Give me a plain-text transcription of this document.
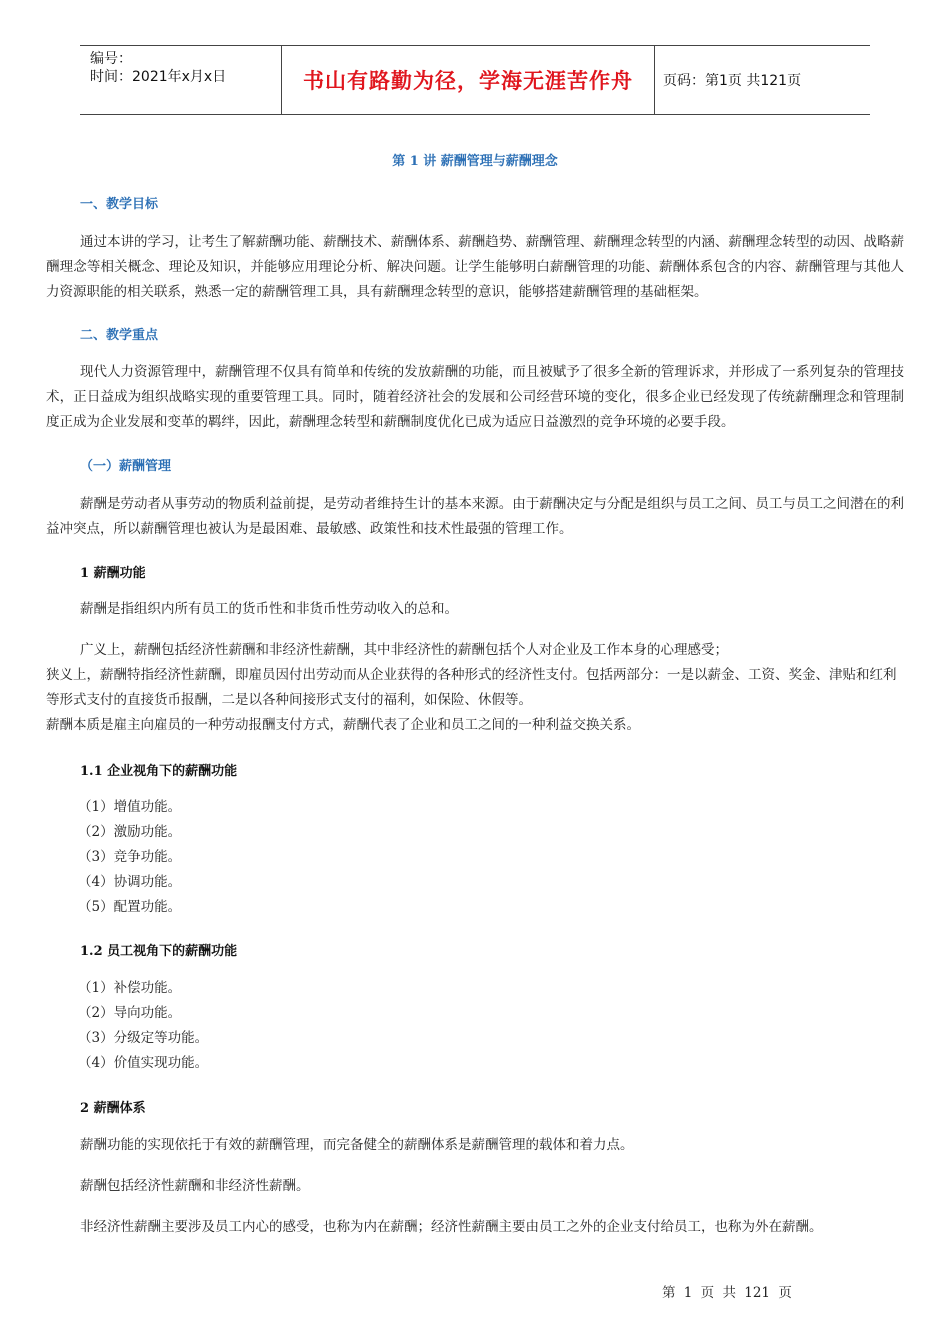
编号：
时间：2021年x月x日	书山有路勤为径，学海无涯苦作舟 页码：第1页 共121页
第 1 讲 薪酬管理与薪酬理念
一、教学目标
通过本讲的学习，让考生了解薪酬功能、薪酬技术、薪酬体系、薪酬趋势、薪酬管理、薪酬理念转型的内涵、薪酬理念转型的动因、战略薪酬理念等相关概念、理论及知识，并能够应用理论分析、解决问题。让学生能够明白薪酬管理的功能、薪酬体系包含的内容、薪酬管理与其他人力资源职能的相关联系，熟悉一定的薪酬管理工具，具有薪酬理念转型的意识，能够搭建薪酬管理的基础框架。
二、教学重点
现代人力资源管理中，薪酬管理不仅具有简单和传统的发放薪酬的功能，而且被赋予了很多全新的管理诉求，并形成了一系列复杂的管理技术，正日益成为组织战略实现的重要管理工具。同时，随着经济社会的发展和公司经营环境的变化，很多企业已经发现了传统薪酬理念和管理制度正成为企业发展和变革的羁绊，因此，薪酬理念转型和薪酬制度优化已成为适应日益激烈的竞争环境的必要手段。
（一）薪酬管理
薪酬是劳动者从事劳动的物质利益前提，是劳动者维持生计的基本来源。由于薪酬决定与分配是组织与员工之间、员工与员工之间潜在的利益冲突点，所以薪酬管理也被认为是最困难、最敏感、政策性和技术性最强的管理工作。
1 薪酬功能
薪酬是指组织内所有员工的货币性和非货币性劳动收入的总和。
广义上，薪酬包括经济性薪酬和非经济性薪酬，其中非经济性的薪酬包括个人对企业及工作本身的心理感受；
狭义上，薪酬特指经济性薪酬，即雇员因付出劳动而从企业获得的各种形式的经济性支付。包括两部分：一是以薪金、工资、奖金、津贴和红利等形式支付的直接货币报酬，二是以各种间接形式支付的福利，如保险、休假等。
薪酬本质是雇主向雇员的一种劳动报酬支付方式，薪酬代表了企业和员工之间的一种利益交换关系。
1.1 企业视角下的薪酬功能
（1）增值功能。
（2）激励功能。
（3）竞争功能。
（4）协调功能。
（5）配置功能。
1.2 员工视角下的薪酬功能
（1）补偿功能。
（2）导向功能。
（3）分级定等功能。
（4）价值实现功能。
2 薪酬体系
薪酬功能的实现依托于有效的薪酬管理，而完备健全的薪酬体系是薪酬管理的载体和着力点。
薪酬包括经济性薪酬和非经济性薪酬。
非经济性薪酬主要涉及员工内心的感受，也称为内在薪酬；经济性薪酬主要由员工之外的企业支付给员工，也称为外在薪酬。
第 1 页 共 121 页
